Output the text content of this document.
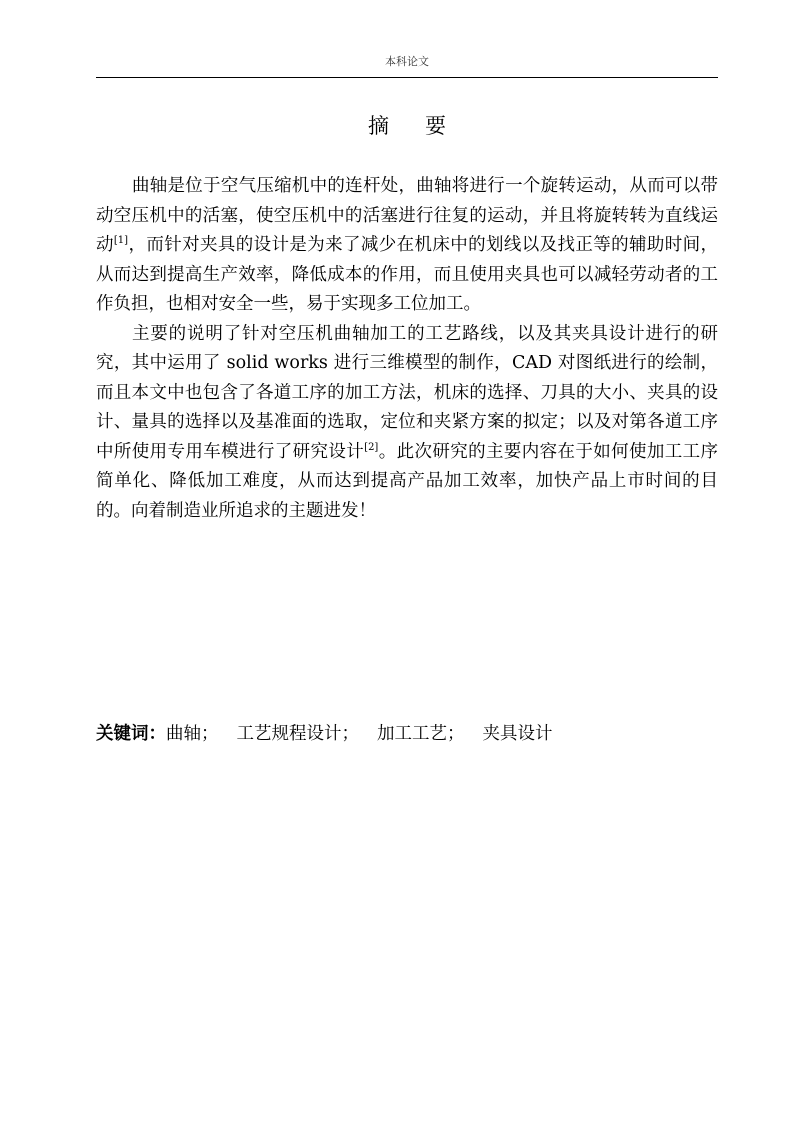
本科论文
摘要

曲轴是位于空气压缩机中的连杆处，曲轴将进行一个旋转运动，从而可以带动空压机中的活塞，使空压机中的活塞进行往复的运动，并且将旋转转为直线运动[1]，而针对夹具的设计是为来了减少在机床中的划线以及找正等的辅助时间，从而达到提高生产效率，降低成本的作用，而且使用夹具也可以减轻劳动者的工作负担，也相对安全一些，易于实现多工位加工。

主要的说明了针对空压机曲轴加工的工艺路线，以及其夹具设计进行的研究，其中运用了 solid works 进行三维模型的制作，CAD 对图纸进行的绘制，而且本文中也包含了各道工序的加工方法，机床的选择、刀具的大小、夹具的设计、量具的选择以及基准面的选取，定位和夹紧方案的拟定；以及对第各道工序中所使用专用车模进行了研究设计[2]。此次研究的主要内容在于如何使加工工序简单化、降低加工难度，从而达到提高产品加工效率，加快产品上市时间的目的。向着制造业所追求的主题进发！

关键词：曲轴； 工艺规程设计； 加工工艺； 夹具设计
